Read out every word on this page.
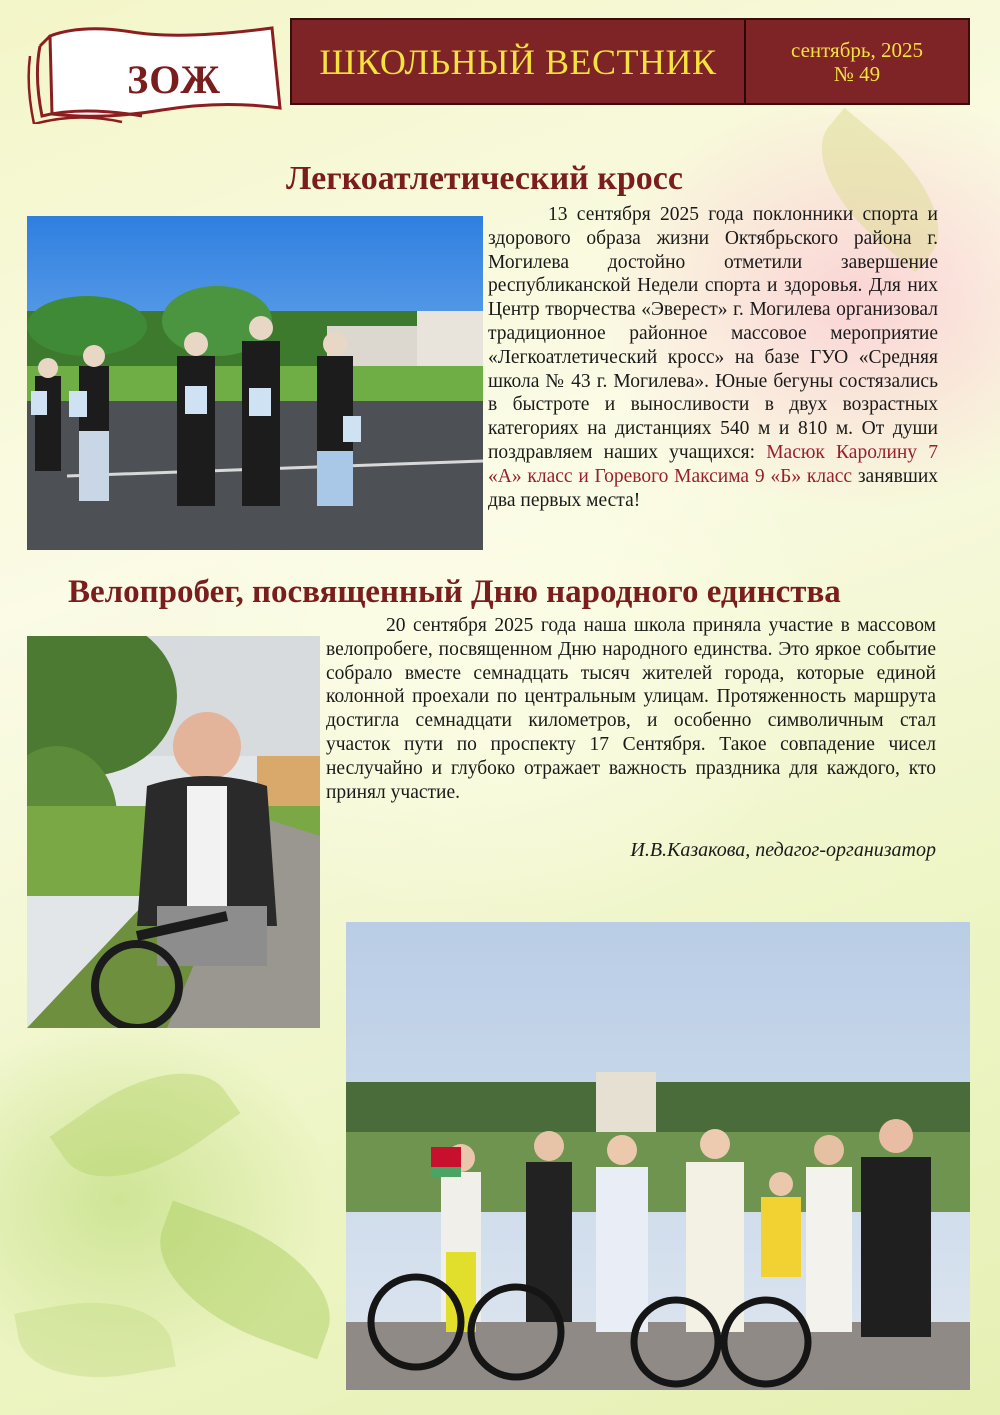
ЗОЖ	ШКОЛЬНЫЙ ВЕСТНИК	сентябрь, 2025
№ 49
Легкоатлетический кросс
13 сентября 2025 года поклонники спорта и здорового образа жизни Октябрьского района г. Могилева достойно отметили завершение республиканской Недели спорта и здоровья. Для них Центр творчества «Эверест» г. Могилева организовал традиционное районное массовое мероприятие «Легкоатлетический кросс» на базе ГУО «Средняя школа № 43 г. Могилева». Юные бегуны состязались в быстроте и выносливости в двух возрастных категориях на дистанциях 540 м и 810 м. От души поздравляем наших учащихся: Масюк Каролину 7 «А» класс и Горевого Максима 9 «Б» класс занявших два первых места!
Велопробег, посвященный Дню народного единства
20 сентября 2025 года наша школа приняла участие в массовом велопробеге, посвященном Дню народного единства. Это яркое событие собрало вместе семнадцать тысяч жителей города, которые единой колонной проехали по центральным улицам. Протяженность маршрута достигла семнадцати километров, и особенно символичным стал участок пути по проспекту 17 Сентября. Такое совпадение чисел неслучайно и глубоко отражает важность праздника для каждого, кто принял участие.
И.В.Казакова, педагог-организатор
